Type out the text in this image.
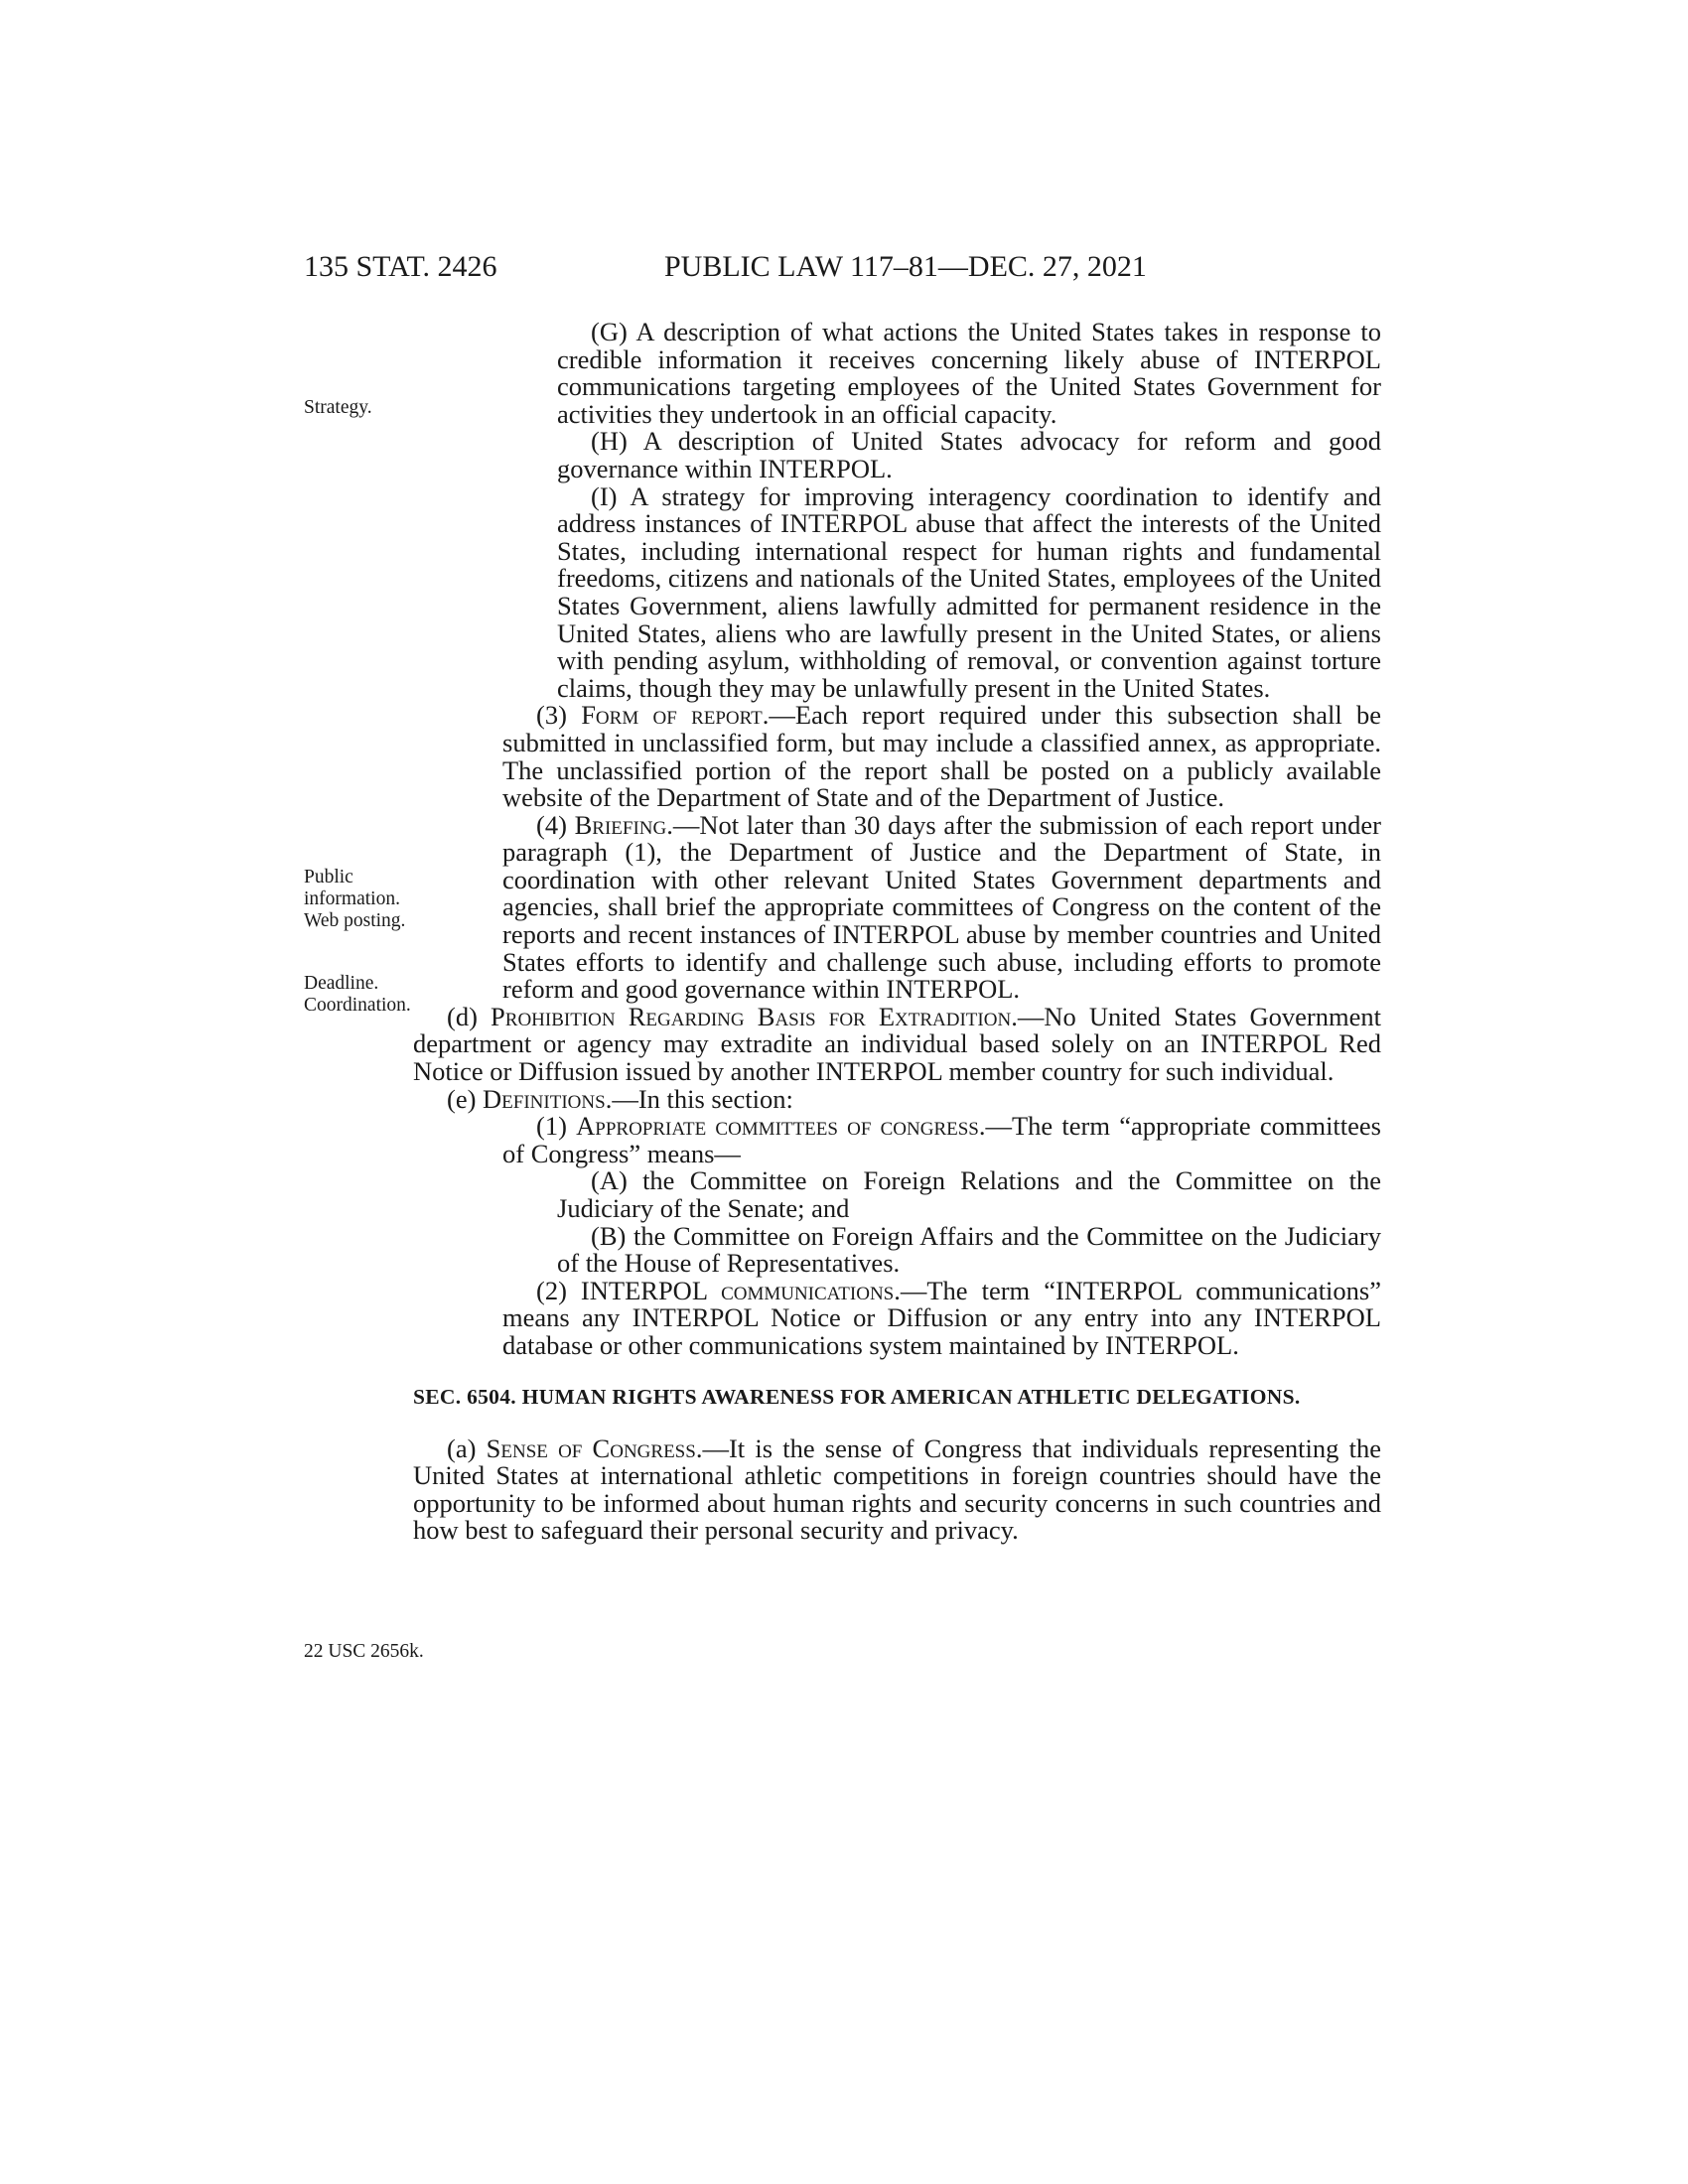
135 STAT. 2426	PUBLIC LAW 117–81—DEC. 27, 2021
Strategy.
Public
information.
Web posting.
Deadline.
Coordination.
22 USC 2656k.

(G) A description of what actions the United States takes in response to credible information it receives concerning likely abuse of INTERPOL communications targeting employees of the United States Government for activities they undertook in an official capacity.

(H) A description of United States advocacy for reform and good governance within INTERPOL.

(I) A strategy for improving interagency coordination to identify and address instances of INTERPOL abuse that affect the interests of the United States, including international respect for human rights and fundamental freedoms, citizens and nationals of the United States, employees of the United States Government, aliens lawfully admitted for permanent residence in the United States, aliens who are lawfully present in the United States, or aliens with pending asylum, withholding of removal, or convention against torture claims, though they may be unlawfully present in the United States.

(3) Form of report.—Each report required under this subsection shall be submitted in unclassified form, but may include a classified annex, as appropriate. The unclassified portion of the report shall be posted on a publicly available website of the Department of State and of the Department of Justice.

(4) Briefing.—Not later than 30 days after the submission of each report under paragraph (1), the Department of Justice and the Department of State, in coordination with other relevant United States Government departments and agencies, shall brief the appropriate committees of Congress on the content of the reports and recent instances of INTERPOL abuse by member countries and United States efforts to identify and challenge such abuse, including efforts to promote reform and good governance within INTERPOL.

(d) Prohibition Regarding Basis for Extradition.—No United States Government department or agency may extradite an individual based solely on an INTERPOL Red Notice or Diffusion issued by another INTERPOL member country for such individual.

(e) Definitions.—In this section:

(1) Appropriate committees of congress.—The term “appropriate committees of Congress” means—

(A) the Committee on Foreign Relations and the Committee on the Judiciary of the Senate; and

(B) the Committee on Foreign Affairs and the Committee on the Judiciary of the House of Representatives.

(2) INTERPOL communications.—The term “INTERPOL communications” means any INTERPOL Notice or Diffusion or any entry into any INTERPOL database or other communications system maintained by INTERPOL.

SEC. 6504. HUMAN RIGHTS AWARENESS FOR AMERICAN ATHLETIC DELEGATIONS.

(a) Sense of Congress.—It is the sense of Congress that individuals representing the United States at international athletic competitions in foreign countries should have the opportunity to be informed about human rights and security concerns in such countries and how best to safeguard their personal security and privacy.
